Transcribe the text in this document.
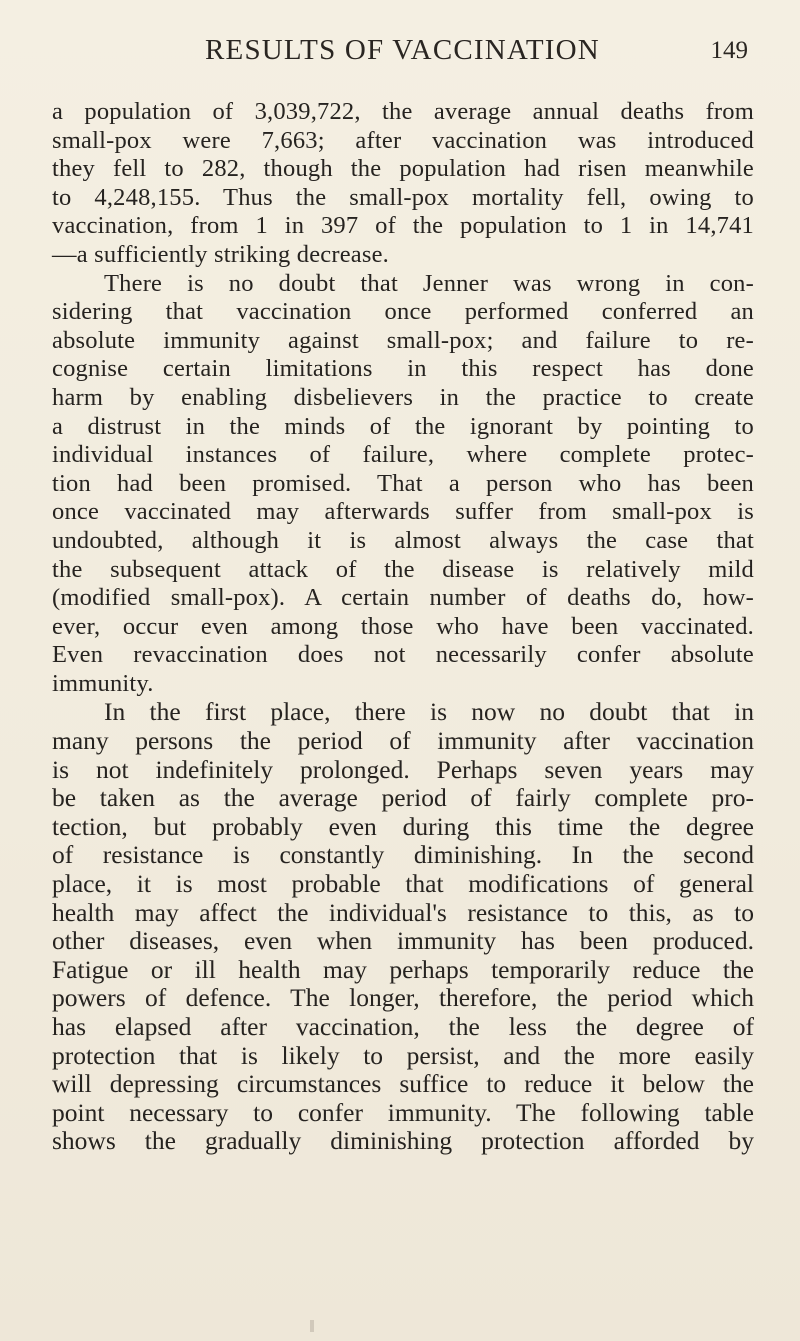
RESULTS OF VACCINATION	149
a population of 3,039,722, the average annual deaths from
small-pox were 7,663; after vaccination was introduced
they fell to 282, though the populati⁠on had risen meanwhile
to 4,248,155. Thus the small-pox mortality fell, owing to
vaccination, from 1 in 397 of the population to 1 in 14,741
—a sufficiently striking decrease.
There is no doubt that Jenner was wrong in con-
sidering that vaccination once performed conferred an
absolute immunity against small-pox; and failure to re-
cognise certain limitations in this respect has done
harm by enabling disbelievers in the practice to create
a distrust in the minds of the ignorant by pointing to
individual instances of failure, where complete protec-
tion had been promised. That a person who has been
once vaccinated may afterwards suffer from small-pox is
undoubted, although it is almost always the case that
the subsequent attack of the disease is relatively mild
(modified small-pox). A certain number of deaths do, how-
ever, occur even among those who have been vaccinated.
Even revaccination does not necessarily confer absolute
immunity.
In the first place, there is now no doubt that in
many persons the period of immunity after vaccination
is not indefinitely prolonged. Perhaps seven years may
be taken as the average period of fairly complete pro-
tection, but probably even during this time the degree
of resistance is constantly diminishing. In the second
place, it is most probable that modifications of general
health may affect the individual's resistance to this, as to
other diseases, even when immunity has been produced.
Fatigue or ill health may perhaps temporarily reduce the
powers of defence. The longer, therefore, the period which
has elapsed after vaccination, the less the degree of
protection that is likely to persist, and the more easily
will depressing circumstances suffice to reduce it below the
point necessary to confer immunity. The following table
shows the gradually diminishing protection afforded by
